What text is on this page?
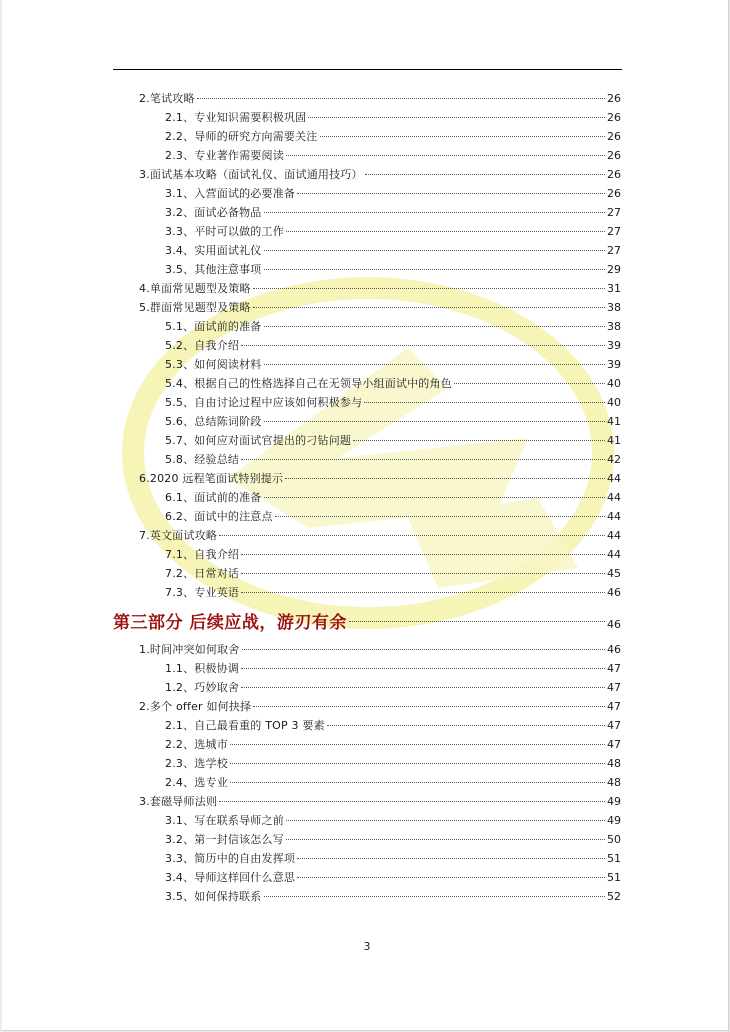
2.笔试攻略	26
2.1、专业知识需要积极巩固	26
2.2、导师的研究方向需要关注	26
2.3、专业著作需要阅读	26
3.面试基本攻略（面试礼仪、面试通用技巧）	26
3.1、入营面试的必要准备	26
3.2、面试必备物品	27
3.3、平时可以做的工作	27
3.4、实用面试礼仪	27
3.5、其他注意事项	29
4.单面常见题型及策略	31
5.群面常见题型及策略	38
5.1、面试前的准备	38
5.2、自我介绍	39
5.3、如何阅读材料	39
5.4、根据自己的性格选择自己在无领导小组面试中的角色	40
5.5、自由讨论过程中应该如何积极参与	40
5.6、总结陈词阶段	41
5.7、如何应对面试官提出的刁钻问题	41
5.8、经验总结	42
6.2020 远程笔面试特别提示	44
6.1、面试前的准备	44
6.2、面试中的注意点	44
7.英文面试攻略	44
7.1、自我介绍	44
7.2、日常对话	45
7.3、专业英语	46
第三部分 后续应战，游刃有余	46
1.时间冲突如何取舍	46
1.1、积极协调	47
1.2、巧妙取舍	47
2.多个 offer 如何抉择	47
2.1、自己最看重的 TOP 3 要素	47
2.2、选城市	47
2.3、选学校	48
2.4、选专业	48
3.套磁导师法则	49
3.1、写在联系导师之前	49
3.2、第一封信该怎么写	50
3.3、简历中的自由发挥项	51
3.4、导师这样回什么意思	51
3.5、如何保持联系	52
3
